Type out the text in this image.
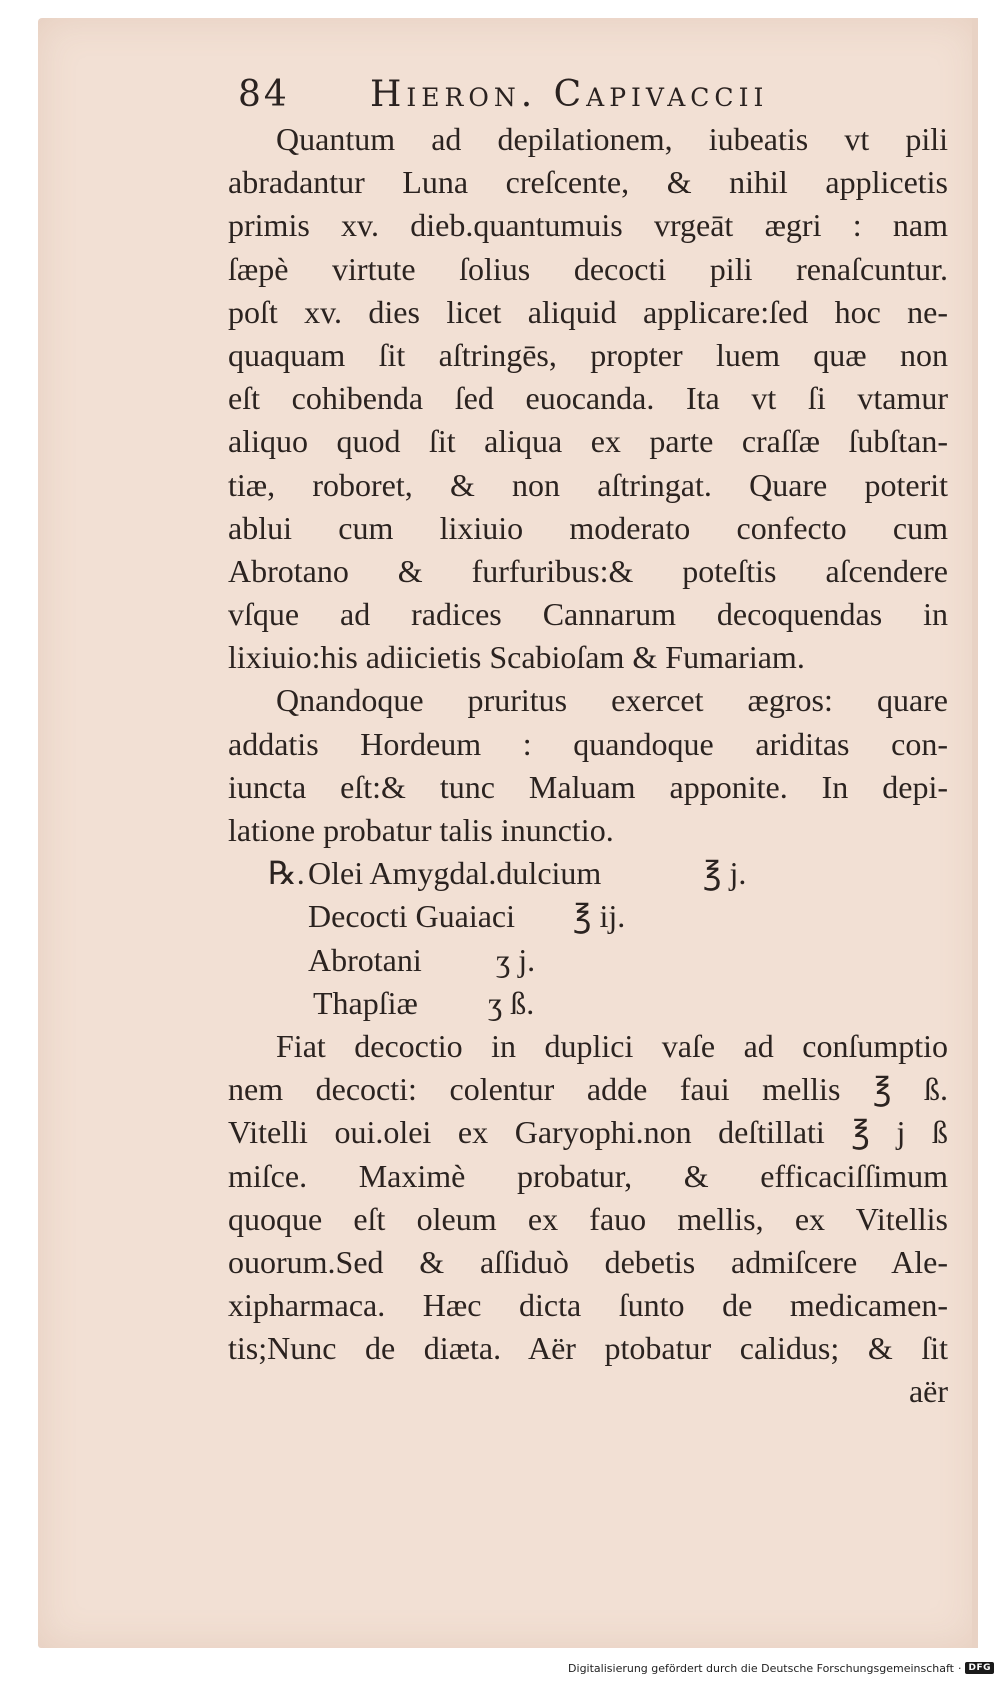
84 Hieron. Capivaccii
Quantum ad depilationem, iubeatis vt pili
abradantur Luna creſcente, & nihil applicetis
primis xv. dieb.quantumuis vrgeāt ægri : nam
ſæpè virtute ſolius decocti pili renaſcuntur.
poſt xv. dies licet aliquid applicare:ſed hoc ne-
quaquam ſit aſtringēs, propter luem quæ non
eſt cohibenda ſed euocanda. Ita vt ſi vtamur
aliquo quod ſit aliqua ex parte craſſæ ſubſtan-
tiæ, roboret, & non aſtringat. Quare poterit
ablui cum lixiuio moderato confecto cum
Abrotano & furfuribus:& poteſtis aſcendere
vſque ad radices Cannarum decoquendas in
lixiuio:his adiicietis Scabioſam & Fumariam.
Qnandoque pruritus exercet ægros: quare
addatis Hordeum : quandoque ariditas con-
iuncta eſt:& tunc Maluam apponite. In depi-
latione probatur talis inunctio.
℞. Olei Amygdal.dulcium	℥ j.
Decocti Guaiaci ℥ ij.
Abrotani ʒ j.
Thapſiæ ʒ ß.
Fiat decoctio in duplici vaſe ad conſumptio
nem decocti: colentur adde faui mellis ℥ ß.
Vitelli oui.olei ex Garyophi.non deſtillati ℥ j ß
miſce. Maximè probatur, & efficaciſſimum
quoque eſt oleum ex fauo mellis, ex Vitellis
ouorum.Sed & aſſiduò debetis admiſcere Ale-
xipharmaca. Hæc dicta ſunto de medicamen-
tis;Nunc de diæta. Aër ptobatur calidus; & ſit
aër
Digitalisierung gefördert durch die Deutsche Forschungsgemeinschaft · DFG
